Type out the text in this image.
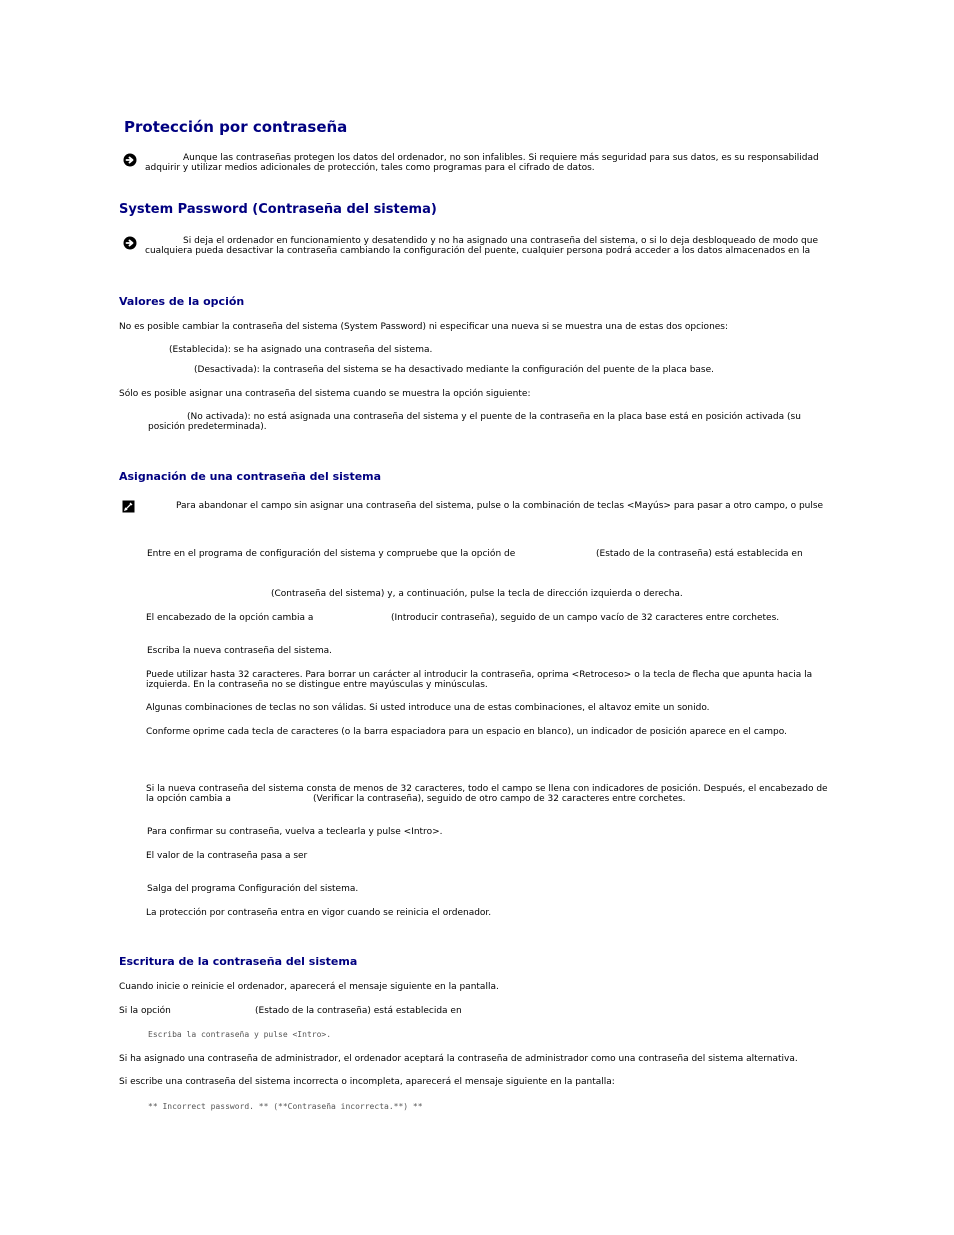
Protección por contraseña
Aunque las contraseñas protegen los datos del ordenador, no son infalibles. Si requiere más seguridad para sus datos, es su responsabilidad
adquirir y utilizar medios adicionales de protección, tales como programas para el cifrado de datos.
System Password (Contraseña del sistema)
Si deja el ordenador en funcionamiento y desatendido y no ha asignado una contraseña del sistema, o si lo deja desbloqueado de modo que
cualquiera pueda desactivar la contraseña cambiando la configuración del puente, cualquier persona podrá acceder a los datos almacenados en la
Valores de la opción
No es posible cambiar la contraseña del sistema (System Password) ni especificar una nueva si se muestra una de estas dos opciones:
(Establecida): se ha asignado una contraseña del sistema.
(Desactivada): la contraseña del sistema se ha desactivado mediante la configuración del puente de la placa base.
Sólo es posible asignar una contraseña del sistema cuando se muestra la opción siguiente:
(No activada): no está asignada una contraseña del sistema y el puente de la contraseña en la placa base está en posición activada (su
posición predeterminada).
Asignación de una contraseña del sistema
Para abandonar el campo sin asignar una contraseña del sistema, pulse o la combinación de teclas <Mayús> para pasar a otro campo, o pulse
Entre en el programa de configuración del sistema y compruebe que la opción de	(Estado de la contraseña) está establecida en
(Contraseña del sistema) y, a continuación, pulse la tecla de dirección izquierda o derecha.
El encabezado de la opción cambia a	(Introducir contraseña), seguido de un campo vacío de 32 caracteres entre corchetes.
Escriba la nueva contraseña del sistema.
Puede utilizar hasta 32 caracteres. Para borrar un carácter al introducir la contraseña, oprima <Retroceso> o la tecla de flecha que apunta hacia la
izquierda. En la contraseña no se distingue entre mayúsculas y minúsculas.
Algunas combinaciones de teclas no son válidas. Si usted introduce una de estas combinaciones, el altavoz emite un sonido.
Conforme oprime cada tecla de caracteres (o la barra espaciadora para un espacio en blanco), un indicador de posición aparece en el campo.
Si la nueva contraseña del sistema consta de menos de 32 caracteres, todo el campo se llena con indicadores de posición. Después, el encabezado de
la opción cambia a	(Verificar la contraseña), seguido de otro campo de 32 caracteres entre corchetes.
Para confirmar su contraseña, vuelva a teclearla y pulse <Intro>.
El valor de la contraseña pasa a ser
Salga del programa Configuración del sistema.
La protección por contraseña entra en vigor cuando se reinicia el ordenador.
Escritura de la contraseña del sistema
Cuando inicie o reinicie el ordenador, aparecerá el mensaje siguiente en la pantalla.
Si la opción	(Estado de la contraseña) está establecida en
Escriba la contraseña y pulse <Intro>.
Si ha asignado una contraseña de administrador, el ordenador aceptará la contraseña de administrador como una contraseña del sistema alternativa.
Si escribe una contraseña del sistema incorrecta o incompleta, aparecerá el mensaje siguiente en la pantalla:
** Incorrect password. ** (**Contraseña incorrecta.**) **
